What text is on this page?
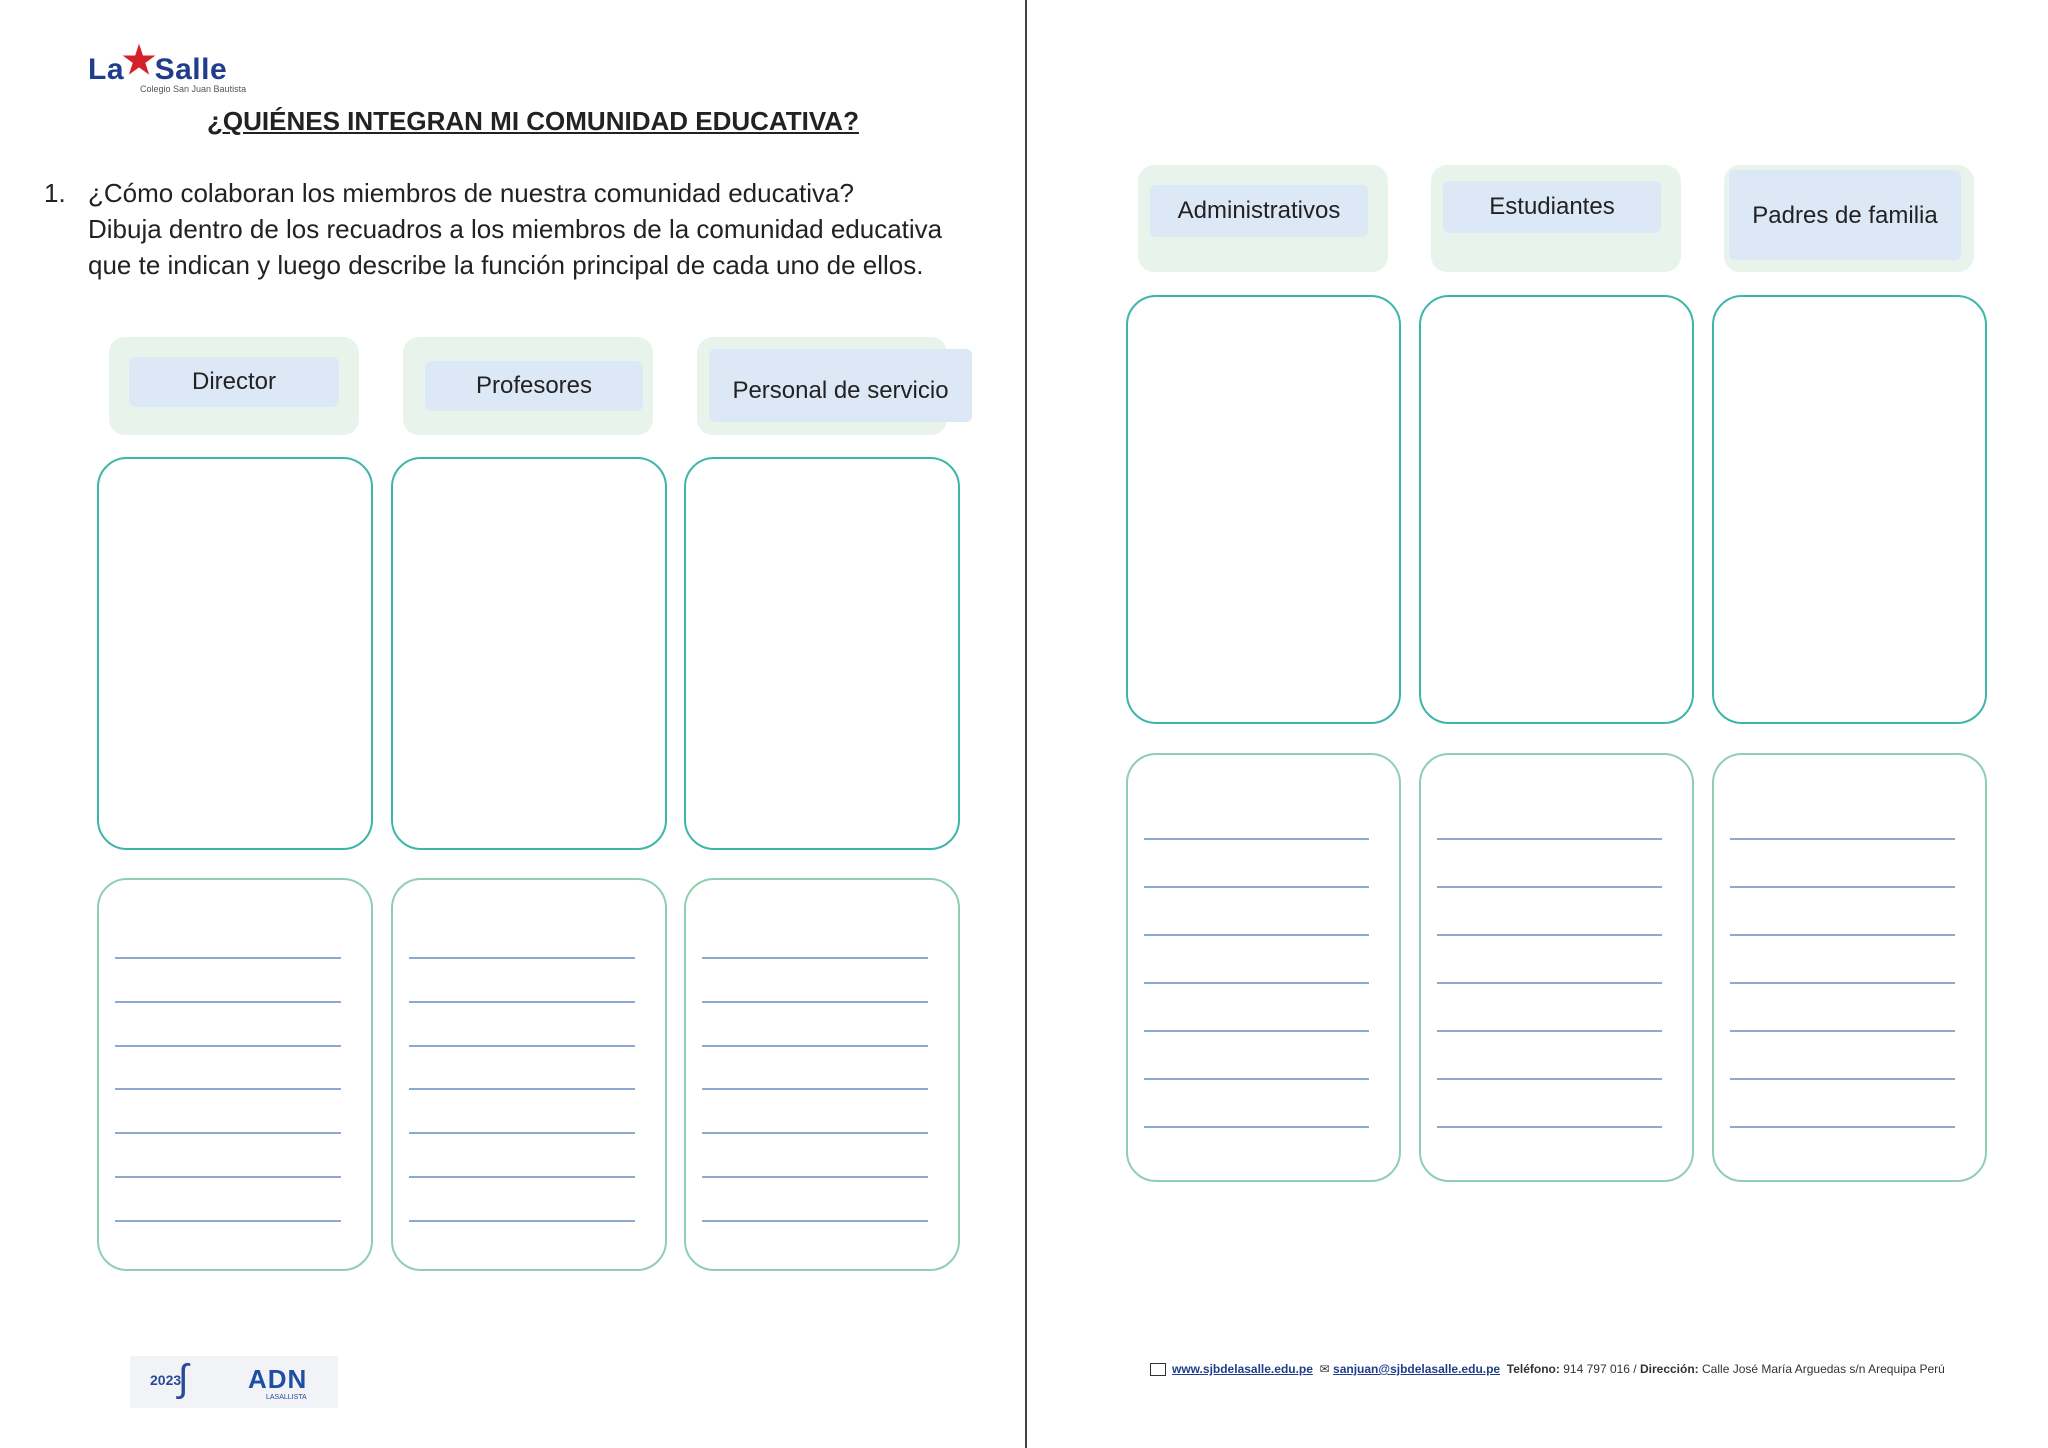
La★Salle
Colegio San Juan Bautista
¿QUIÉNES INTEGRAN MI COMUNIDAD EDUCATIVA?
1. ¿Cómo colaboran los miembros de nuestra comunidad educativa?
Dibuja dentro de los recuadros a los miembros de la comunidad educativa
que te indican y luego describe la función principal de cada uno de ellos.
Director	Profesores	Personal de servicio
Administrativos	Estudiantes	Padres de familia
2023
∫ ADN
LASALLISTA
www.sjbdelasalle.edu.pe ✉ sanjuan@sjbdelasalle.edu.pe Teléfono: 914 797 016 / Dirección: Calle José María Arguedas s/n Arequipa Perú
